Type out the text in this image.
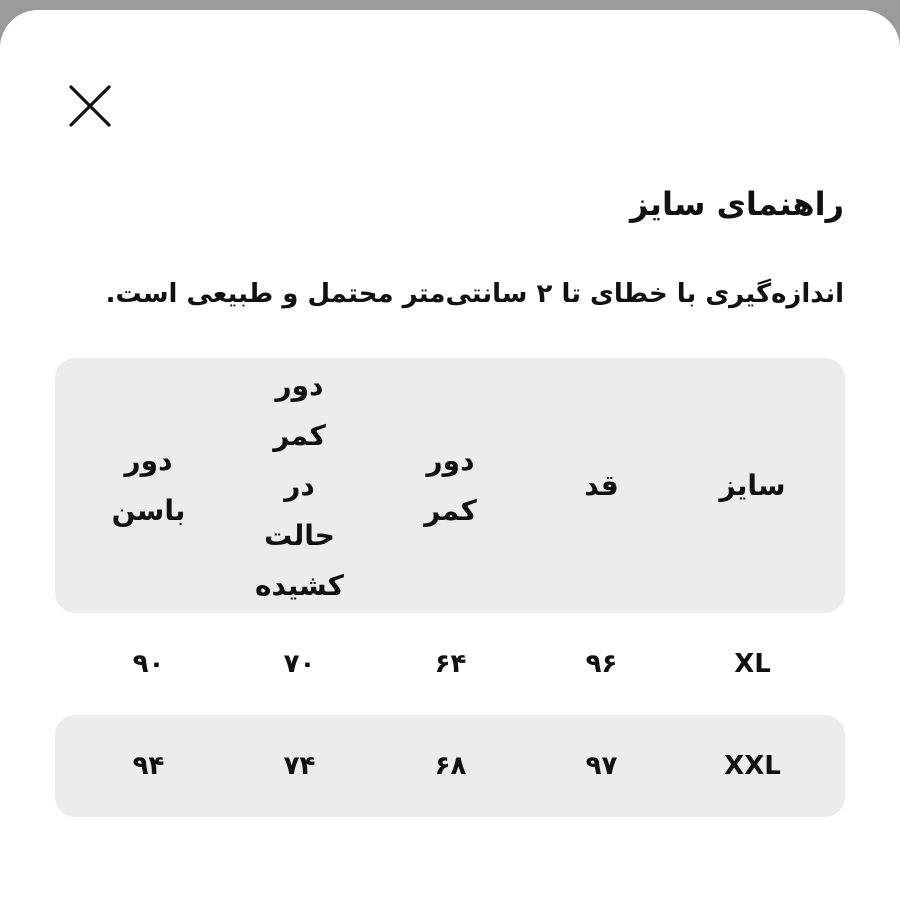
راهنمای سایز

اندازه‌گیری با خطای تا ۲ سانتی‌متر محتمل و طبیعی است.

سایز
قد
دور کمر
دور کمر در حالت کشیده
دور باسن
XL
۹۶
۶۴
۷۰
۹۰
XXL
۹۷
۶۸
۷۴
۹۴
